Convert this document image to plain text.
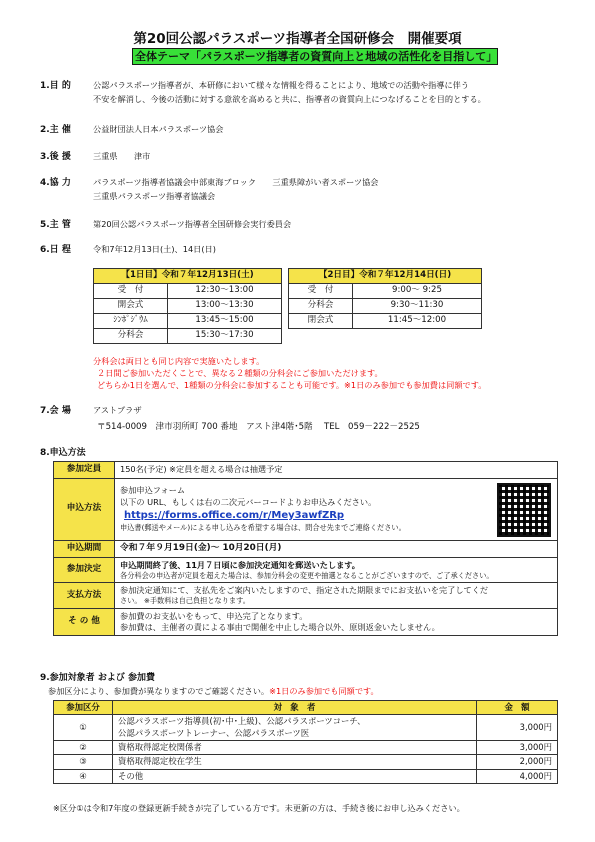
第20回公認パラスポーツ指導者全国研修会　開催要項
全体テーマ「パラスポーツ指導者の資質向上と地域の活性化を目指して」
1.目 的	公認パラスポーツ指導者が、本研修において様々な情報を得ることにより、地域での活動や指導に伴う
不安を解消し、今後の活動に対する意欲を高めると共に、指導者の資質向上につなげることを目的とする。
2.主 催	公益財団法人日本パラスポーツ協会
3.後 援	三重県　　津市
4.協 力	パラスポーツ指導者協議会中部東海ブロック　　三重県障がい者スポーツ協会
三重県パラスポーツ指導者協議会
5.主 管	第20回公認パラスポーツ指導者全国研修会実行委員会
6.日 程	令和7年12月13日(土)、14日(日)
【1日目】令和７年12月13日(土)			【2日目】令和７年12月14日(日)	
受　付	12:30～13:00		受　付	9:00～ 9:25
開会式	13:00～13:30		分科会	9:30～11:30
ｼﾝﾎﾟｼﾞｳﾑ	13:45～15:00		閉会式	11:45～12:00
分科会	15:30～17:30			
分科会は両日とも同じ内容で実施いたします。
２日間ご参加いただくことで、異なる２種類の分科会にご参加いただけます。
どちらか1日を選んで、1種類の分科会に参加することも可能です。※1日のみ参加でも参加費は同額です。
7.会 場	アストプラザ
〒514-0009　津市羽所町 700 番地　アスト津4階･5階　 TEL　059－222－2525
8.申込方法
参加定員	150名(予定) ※定員を超える場合は抽選予定
申込方法	参加申込フォーム
以下の URL、もしくは右の二次元バーコードよりお申込みください。
https://forms.office.com/r/Mey3awfZRp
申込書(郵送やメール)による申し込みを希望する場合は、問合せ先までご連絡ください。

申込期間	令和７年９月19日(金)～ 10月20日(月)
参加決定	申込期間終了後、11月７日頃に参加決定通知を郵送いたします。
各分科会の申込者が定員を超えた場合は、参加分科会の変更や抽選となることがございますので、ご了承ください。

支払方法	参加決定通知にて、支払先をご案内いたしますので、指定された期限までにお支払いを完了してくだ
さい。 ※手数料は自己負担となります。

そ の 他	参加費のお支払いをもって、申込完了となります。
参加費は、主催者の責による事由で開催を中止した場合以外、原則返金いたしません。
9.参加対象者 および 参加費
参加区分により、参加費が異なりますのでご確認ください。※1日のみ参加でも同額です。
参加区分	対　象　者	金　額
①	公認パラスポーツ指導員(初･中･上級)、公認パラスポーツコーチ、
公認パラスポーツトレーナー、公認パラスポーツ医	3,000円
②	資格取得認定校関係者	3,000円
③	資格取得認定校在学生	2,000円
④	その他	4,000円
※区分①は令和7年度の登録更新手続きが完了している方です。未更新の方は、手続き後にお申し込みください。
